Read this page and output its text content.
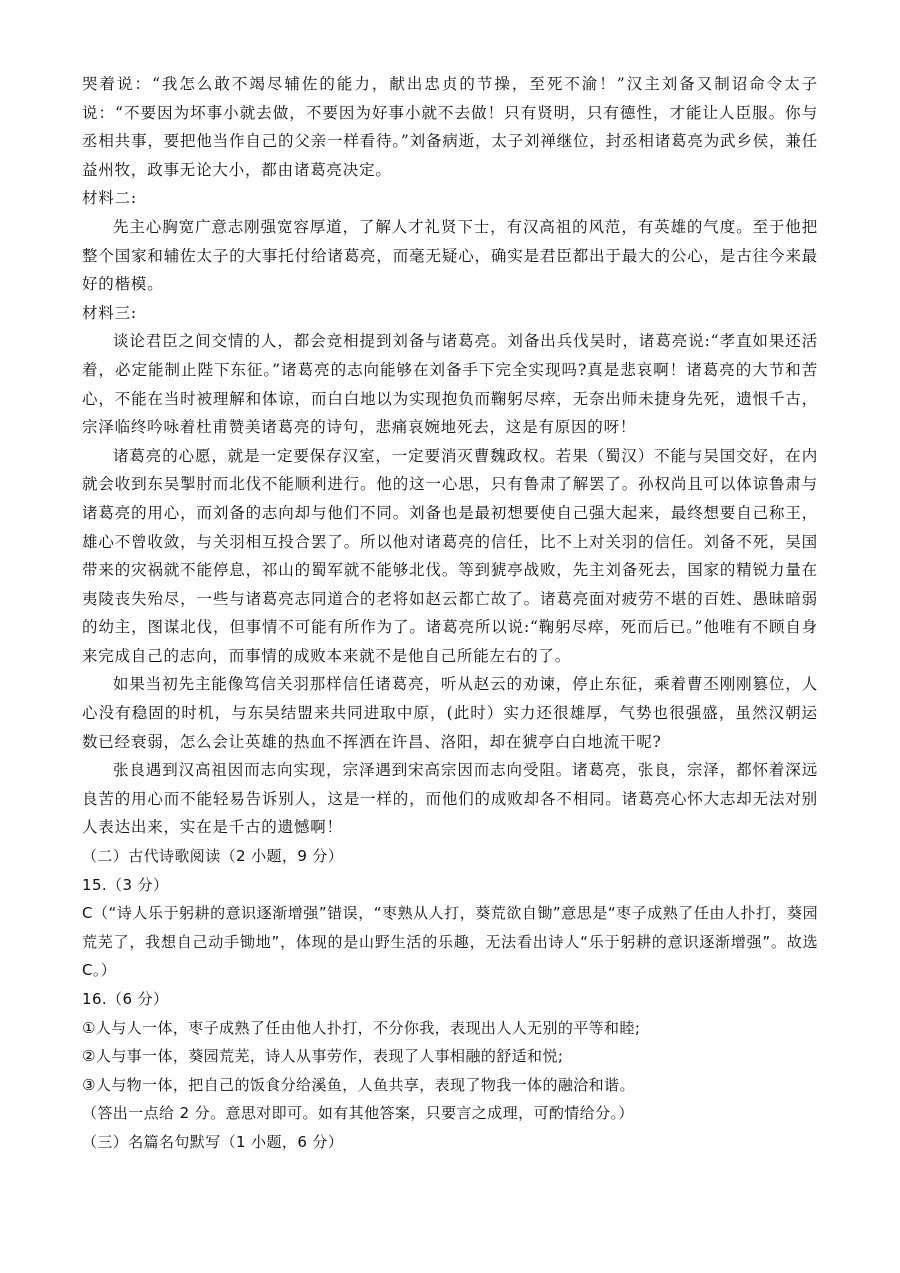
哭着说：“我怎么敢不竭尽辅佐的能力，献出忠贞的节操，至死不渝！”汉主刘备又制诏命令太子说：“不要因为坏事小就去做，不要因为好事小就不去做！只有贤明，只有德性，才能让人臣服。你与丞相共事，要把他当作自己的父亲一样看待。”刘备病逝，太子刘禅继位，封丞相诸葛亮为武乡侯，兼任益州牧，政事无论大小，都由诸葛亮决定。

材料二:

先主心胸宽广意志刚强宽容厚道，了解人才礼贤下士，有汉高祖的风范，有英雄的气度。至于他把整个国家和辅佐太子的大事托付给诸葛亮，而毫无疑心，确实是君臣都出于最大的公心，是古往今来最好的楷模。

材料三:

谈论君臣之间交情的人，都会竞相提到刘备与诸葛亮。刘备出兵伐吴时，诸葛亮说:“孝直如果还活着，必定能制止陛下东征。”诸葛亮的志向能够在刘备手下完全实现吗?真是悲哀啊！诸葛亮的大节和苦心，不能在当时被理解和体谅，而白白地以为实现抱负而鞠躬尽瘁，无奈出师未捷身先死，遗恨千古，宗泽临终吟咏着杜甫赞美诸葛亮的诗句，悲痛哀婉地死去，这是有原因的呀！

诸葛亮的心愿，就是一定要保存汉室，一定要消灭曹魏政权。若果（蜀汉）不能与吴国交好，在内就会收到东吴掣肘而北伐不能顺利进行。他的这一心思，只有鲁肃了解罢了。孙权尚且可以体谅鲁肃与诸葛亮的用心，而刘备的志向却与他们不同。刘备也是最初想要使自己强大起来，最终想要自己称王，雄心不曾收敛，与关羽相互投合罢了。所以他对诸葛亮的信任，比不上对关羽的信任。刘备不死，吴国带来的灾祸就不能停息，祁山的蜀军就不能够北伐。等到猇亭战败，先主刘备死去，国家的精锐力量在夷陵丧失殆尽，一些与诸葛亮志同道合的老将如赵云都亡故了。诸葛亮面对疲劳不堪的百姓、愚昧暗弱的幼主，图谋北伐，但事情不可能有所作为了。诸葛亮所以说:“鞠躬尽瘁，死而后已。”他唯有不顾自身来完成自己的志向，而事情的成败本来就不是他自己所能左右的了。

如果当初先主能像笃信关羽那样信任诸葛亮，听从赵云的劝谏，停止东征，乘着曹丕刚刚篡位，人心没有稳固的时机，与东吴结盟来共同进取中原，(此时）实力还很雄厚，气势也很强盛，虽然汉朝运数已经衰弱，怎么会让英雄的热血不挥洒在许昌、洛阳，却在猇亭白白地流干呢?

张良遇到汉高祖因而志向实现，宗泽遇到宋高宗因而志向受阻。诸葛亮，张良，宗泽，都怀着深远良苦的用心而不能轻易告诉别人，这是一样的，而他们的成败却各不相同。诸葛亮心怀大志却无法对别人表达出来，实在是千古的遗憾啊！

（二）古代诗歌阅读（2 小题，9 分）

15.（3 分）

C（“诗人乐于躬耕的意识逐渐增强”错误，“枣熟从人打，葵荒欲自锄”意思是“枣子成熟了任由人扑打，葵园荒芜了，我想自己动手锄地”，体现的是山野生活的乐趣，无法看出诗人“乐于躬耕的意识逐渐增强”。故选 C。）

16.（6 分）

①人与人一体，枣子成熟了任由他人扑打，不分你我，表现出人人无别的平等和睦;

②人与事一体，葵园荒芜，诗人从事劳作，表现了人事相融的舒适和悦;

③人与物一体，把自己的饭食分给溪鱼，人鱼共享，表现了物我一体的融洽和谐。

（答出一点给 2 分。意思对即可。如有其他答案，只要言之成理，可酌情给分。）

（三）名篇名句默写（1 小题，6 分）
